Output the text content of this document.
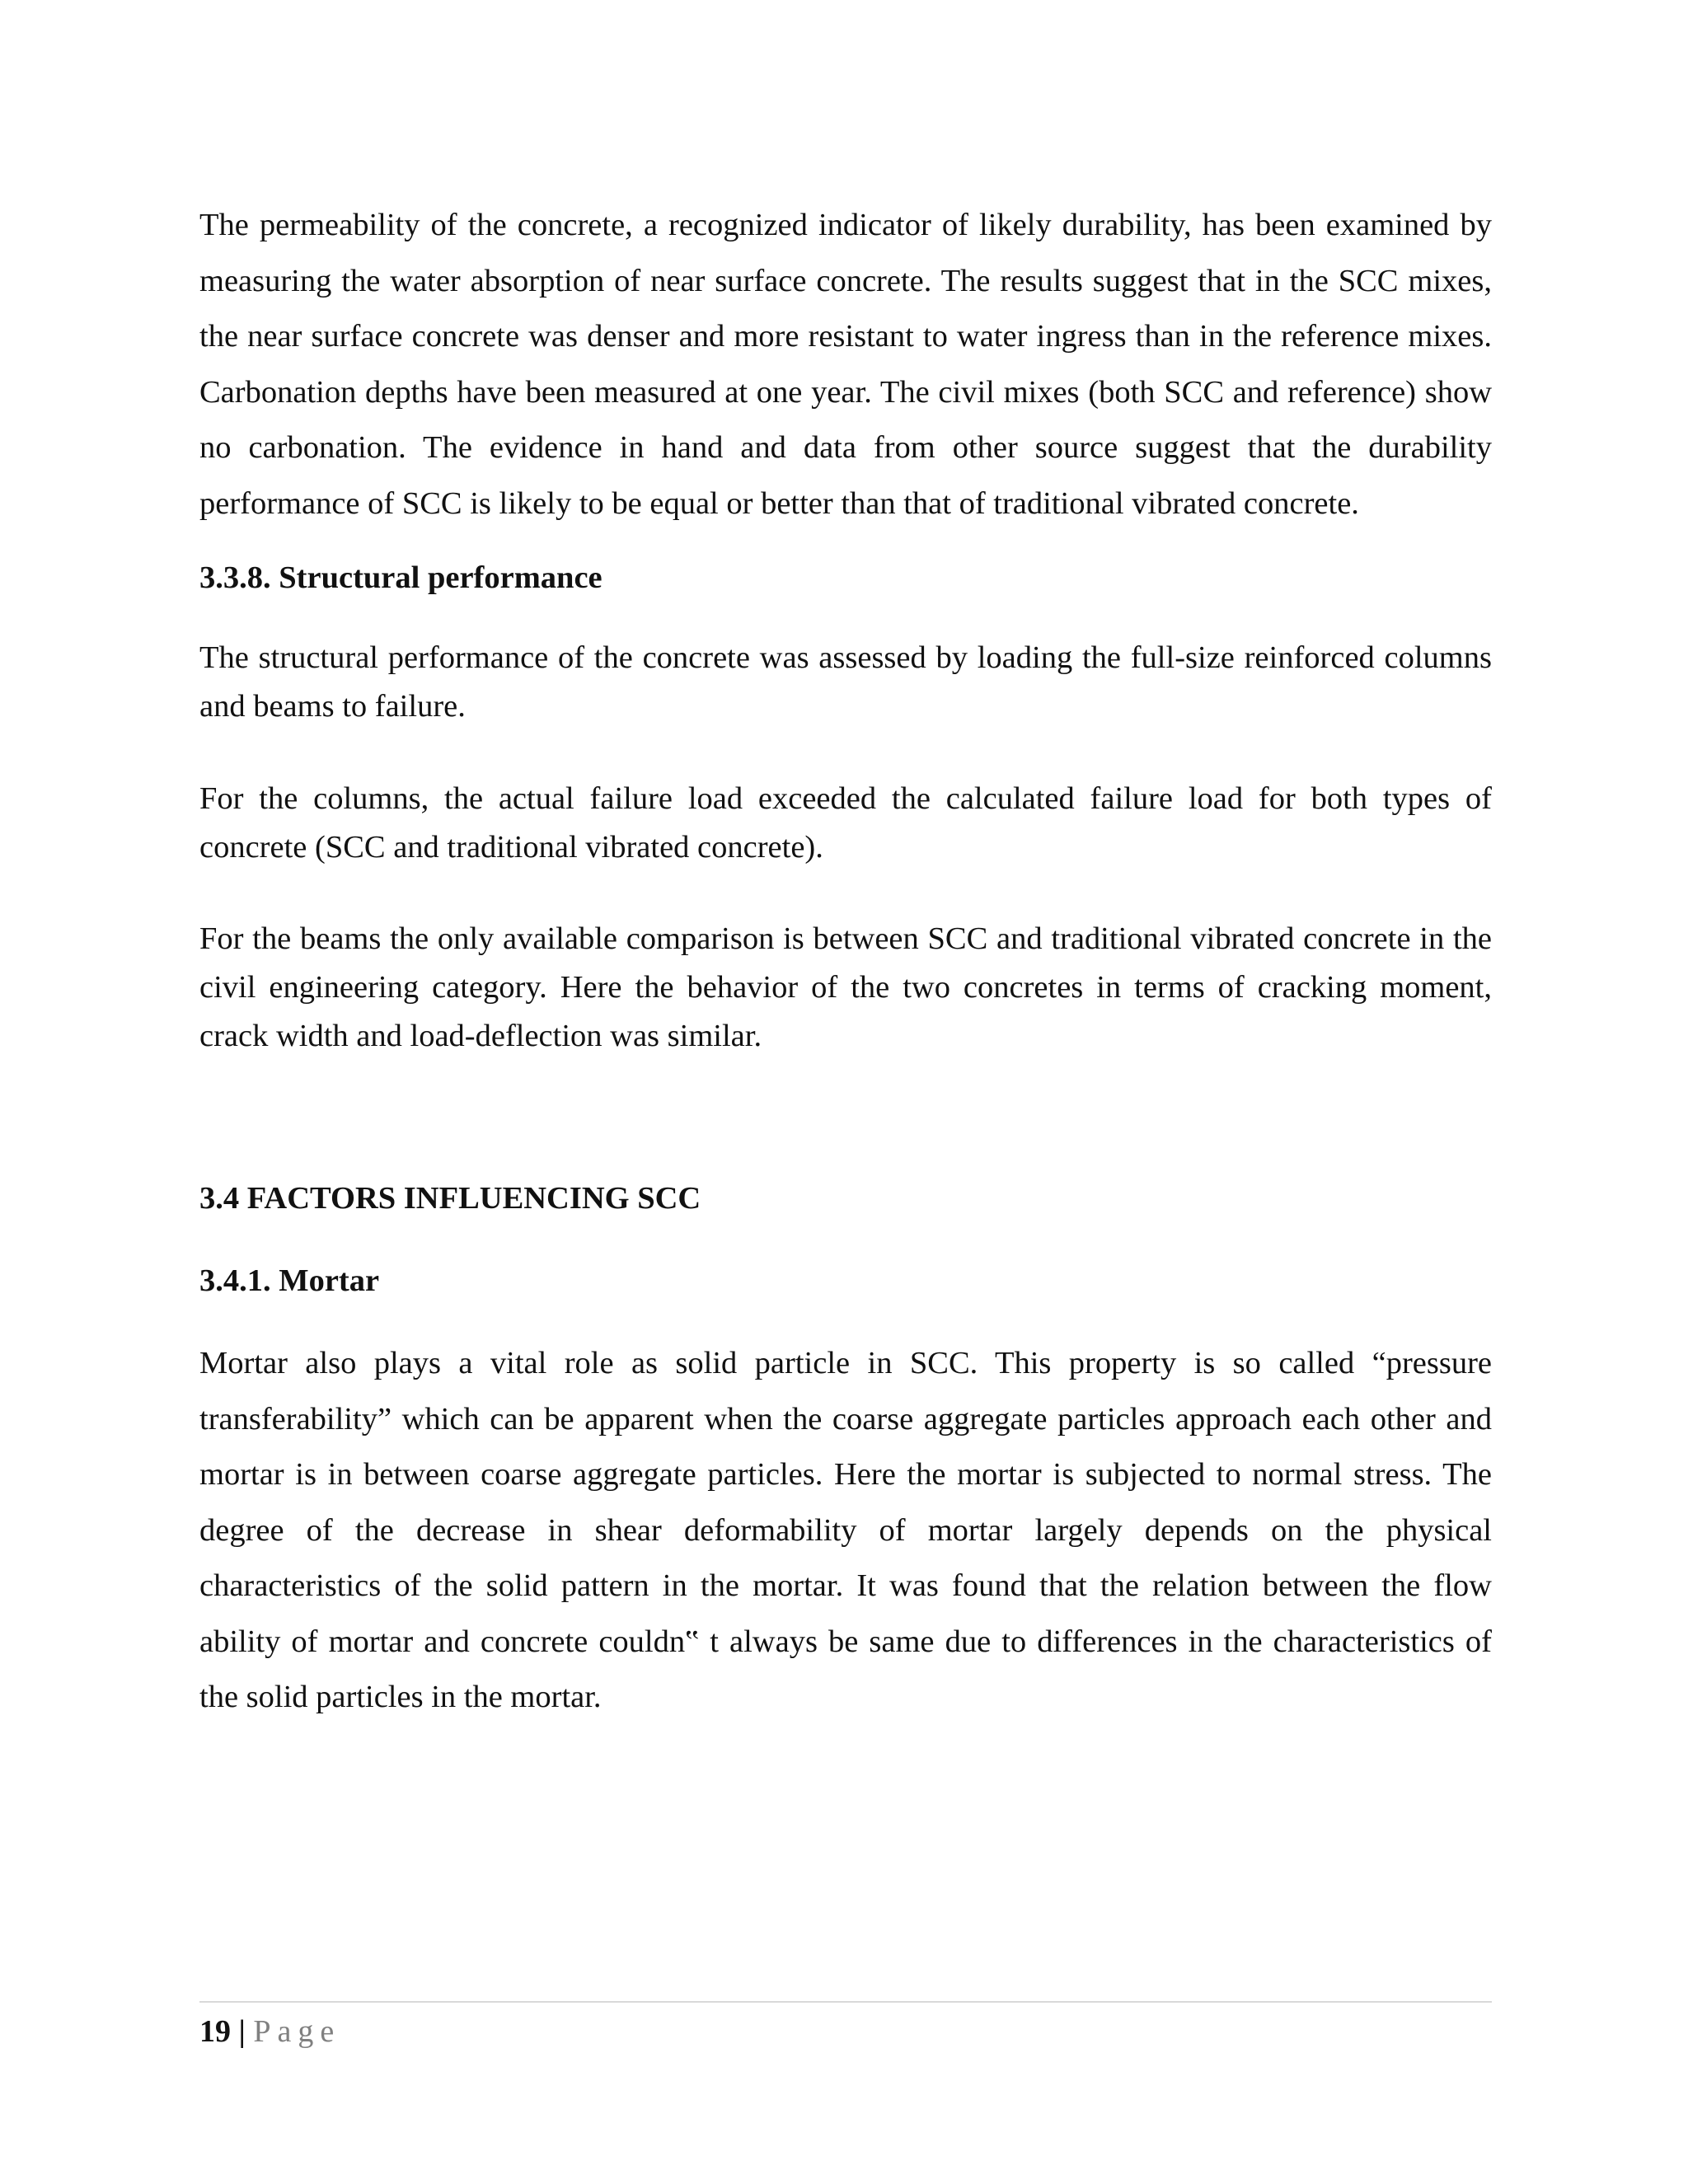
The permeability of the concrete, a recognized indicator of likely durability, has been examined by measuring the water absorption of near surface concrete. The results suggest that in the SCC mixes, the near surface concrete was denser and more resistant to water ingress than in the reference mixes. Carbonation depths have been measured at one year. The civil mixes (both SCC and reference) show no carbonation. The evidence in hand and data from other source suggest that the durability performance of SCC is likely to be equal or better than that of traditional vibrated concrete.

3.3.8. Structural performance

The structural performance of the concrete was assessed by loading the full-size reinforced columns and beams to failure.

For the columns, the actual failure load exceeded the calculated failure load for both types of concrete (SCC and traditional vibrated concrete).

For the beams the only available comparison is between SCC and traditional vibrated concrete in the civil engineering category. Here the behavior of the two concretes in terms of cracking moment, crack width and load-deflection was similar.

3.4 FACTORS INFLUENCING SCC

3.4.1. Mortar

Mortar also plays a vital role as solid particle in SCC. This property is so called “pressure transferability” which can be apparent when the coarse aggregate particles approach each other and mortar is in between coarse aggregate particles. Here the mortar is subjected to normal stress. The degree of the decrease in shear deformability of mortar largely depends on the physical characteristics of the solid pattern in the mortar. It was found that the relation between the flow ability of mortar and concrete couldn‟ t always be same due to differences in the characteristics of the solid particles in the mortar.

19 | Page
